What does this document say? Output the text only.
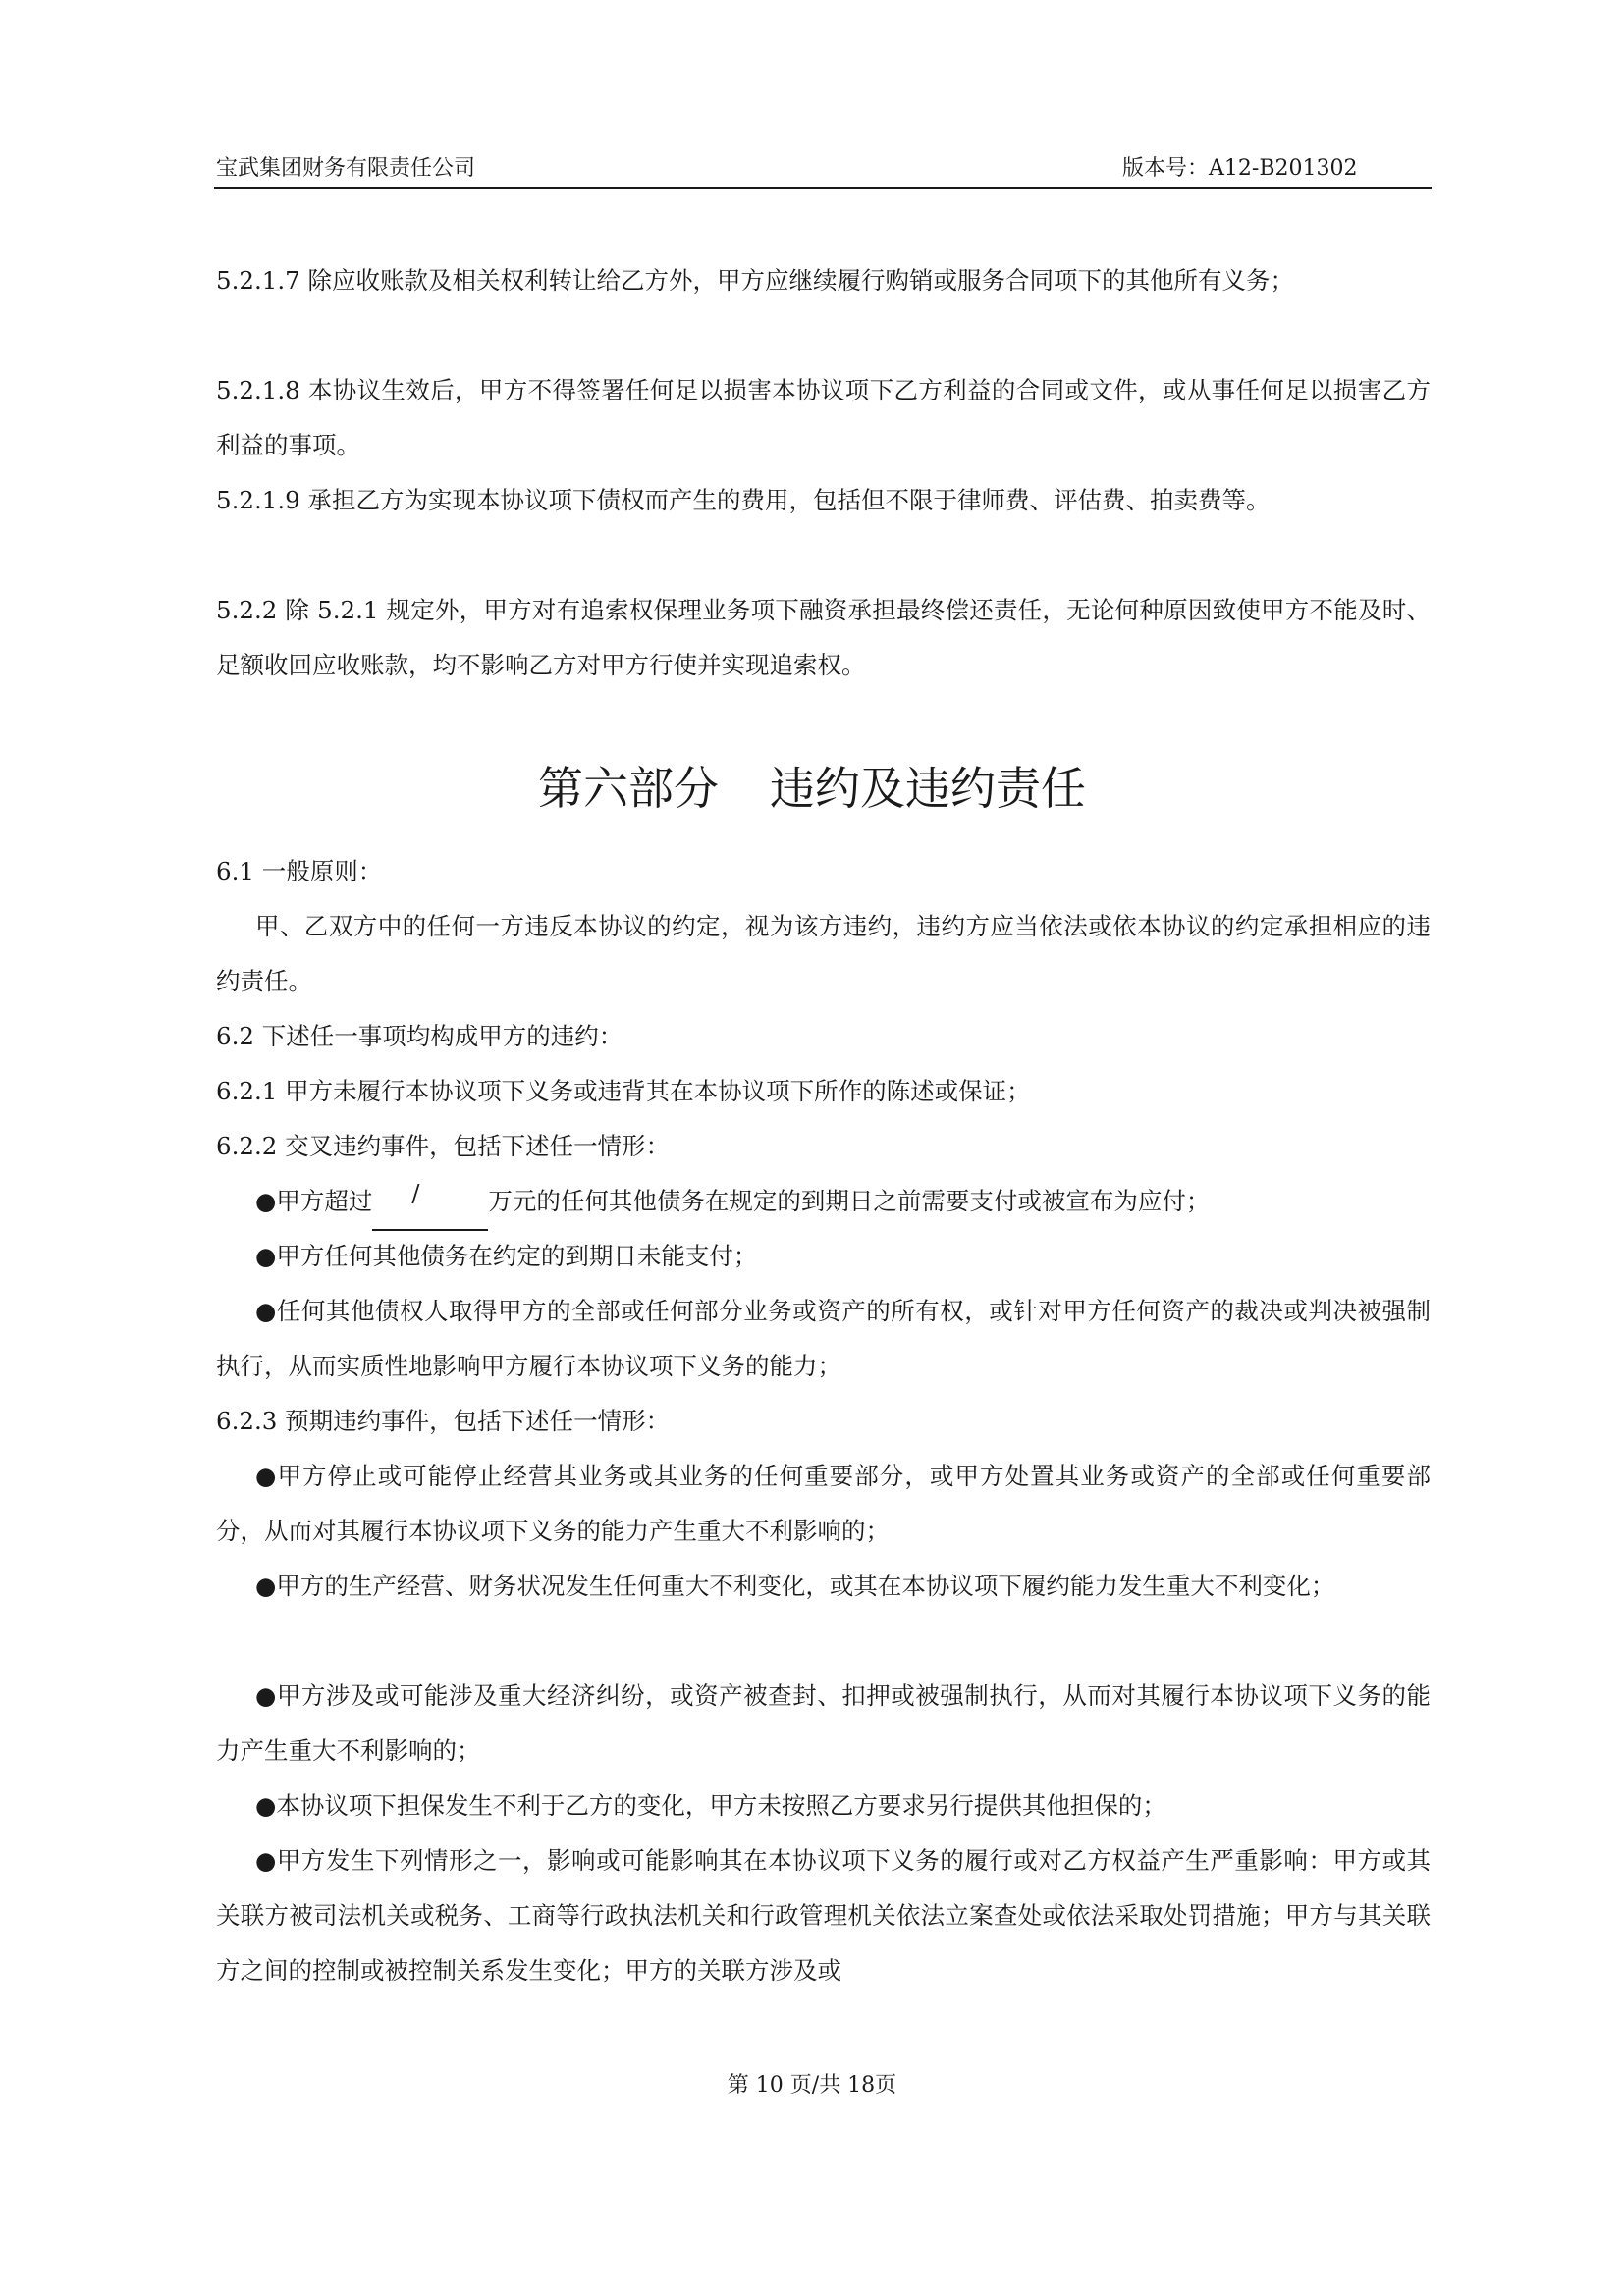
宝武集团财务有限责任公司	版本号：A12-B201302

5.2.1.7 除应收账款及相关权利转让给乙方外，甲方应继续履行购销或服务合同项下的其他所有义务；

5.2.1.8 本协议生效后，甲方不得签署任何足以损害本协议项下乙方利益的合同或文件，或从事任何足以损害乙方利益的事项。

5.2.1.9 承担乙方为实现本协议项下债权而产生的费用，包括但不限于律师费、评估费、拍卖费等。

5.2.2 除 5.2.1 规定外，甲方对有追索权保理业务项下融资承担最终偿还责任，无论何种原因致使甲方不能及时、足额收回应收账款，均不影响乙方对甲方行使并实现追索权。

第六部分 违约及违约责任

6.1 一般原则：

甲、乙双方中的任何一方违反本协议的约定，视为该方违约，违约方应当依法或依本协议的约定承担相应的违约责任。

6.2 下述任一事项均构成甲方的违约：

6.2.1 甲方未履行本协议项下义务或违背其在本协议项下所作的陈述或保证；

6.2.2 交叉违约事件，包括下述任一情形：

●甲方超过	/	万元的任何其他债务在规定的到期日之前需要支付或被宣布为应付；

●甲方任何其他债务在约定的到期日未能支付；

●任何其他债权人取得甲方的全部或任何部分业务或资产的所有权，或针对甲方任何资产的裁决或判决被强制执行，从而实质性地影响甲方履行本协议项下义务的能力；

6.2.3 预期违约事件，包括下述任一情形：

●甲方停止或可能停止经营其业务或其业务的任何重要部分，或甲方处置其业务或资产的全部或任何重要部分，从而对其履行本协议项下义务的能力产生重大不利影响的；

●甲方的生产经营、财务状况发生任何重大不利变化，或其在本协议项下履约能力发生重大不利变化；

●甲方涉及或可能涉及重大经济纠纷，或资产被查封、扣押或被强制执行，从而对其履行本协议项下义务的能力产生重大不利影响的；

●本协议项下担保发生不利于乙方的变化，甲方未按照乙方要求另行提供其他担保的；

●甲方发生下列情形之一，影响或可能影响其在本协议项下义务的履行或对乙方权益产生严重影响：甲方或其关联方被司法机关或税务、工商等行政执法机关和行政管理机关依法立案查处或依法采取处罚措施；甲方与其关联方之间的控制或被控制关系发生变化；甲方的关联方涉及或

第 10 页/共 18页
